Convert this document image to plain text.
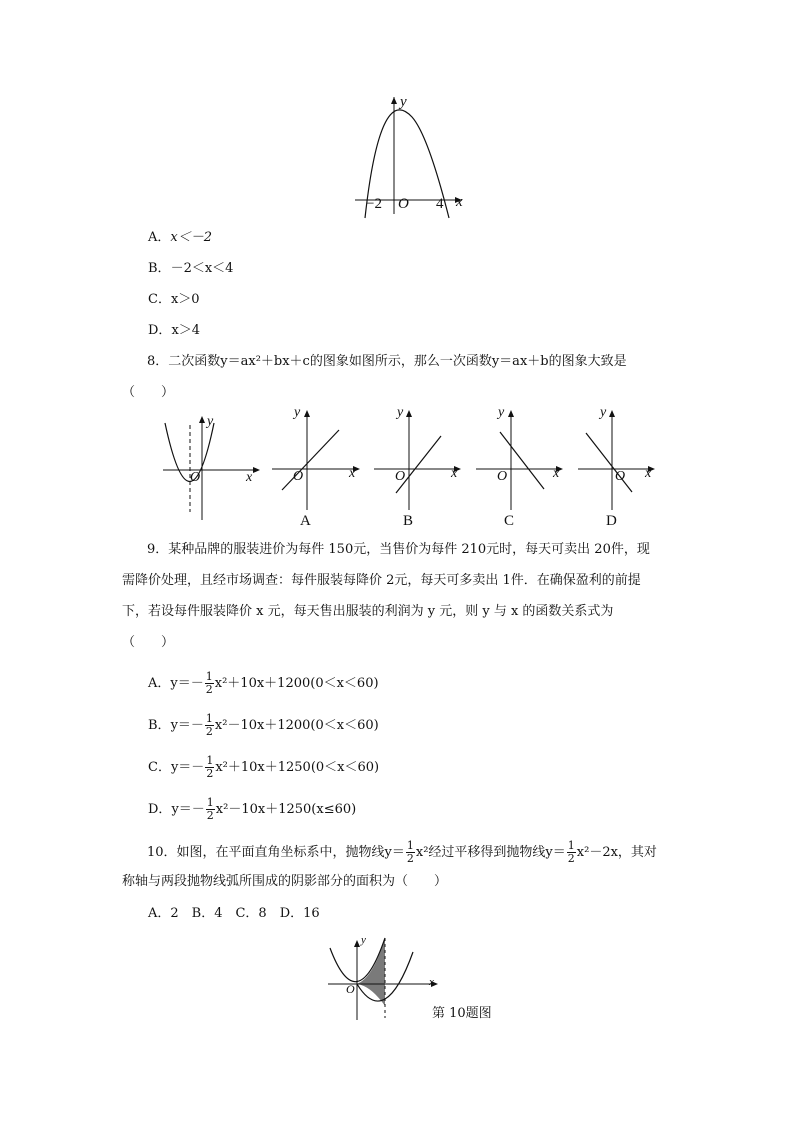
y
x
O
−2	4
A．x＜－2
B．－2＜x＜4
C．x＞0
D．x＞4
8．二次函数y＝ax²＋bx＋c的图象如图所示，那么一次函数y＝ax＋b的图象大致是
（　　）
y
x
O
y
x
O
A
y
x
O
B
y
x
O
C
y
x
O
D
9．某种品牌的服装进价为每件 150元，当售价为每件 210元时，每天可卖出 20件，现
需降价处理，且经市场调查：每件服装每降价 2元，每天可多卖出 1件．在确保盈利的前提
下，若设每件服装降价 x 元，每天售出服装的利润为 y 元，则 y 与 x 的函数关系式为
（　　）
A．$y=- \frac{1}{2} x^2+10x+1200(0<x<60)$
B．$y=- \frac{1}{2} x^2-10x+1200(0<x<60)$
C．$y=- \frac{1}{2} x^2+10x+1250(0<x<60)$
D．$y=- \frac{1}{2} x^2-10x+1250(x\le 60)$
10．如图，在平面直角坐标系中，抛物线$y= \frac{1}{2} x^2$经过平移得到抛物线$y= \frac{1}{2} x^2-2x$，其对
称轴与两段抛物线弧所围成的阴影部分的面积为（　　）
A．2　B．4　C．8　D．16
y
x
O
第 10题图
